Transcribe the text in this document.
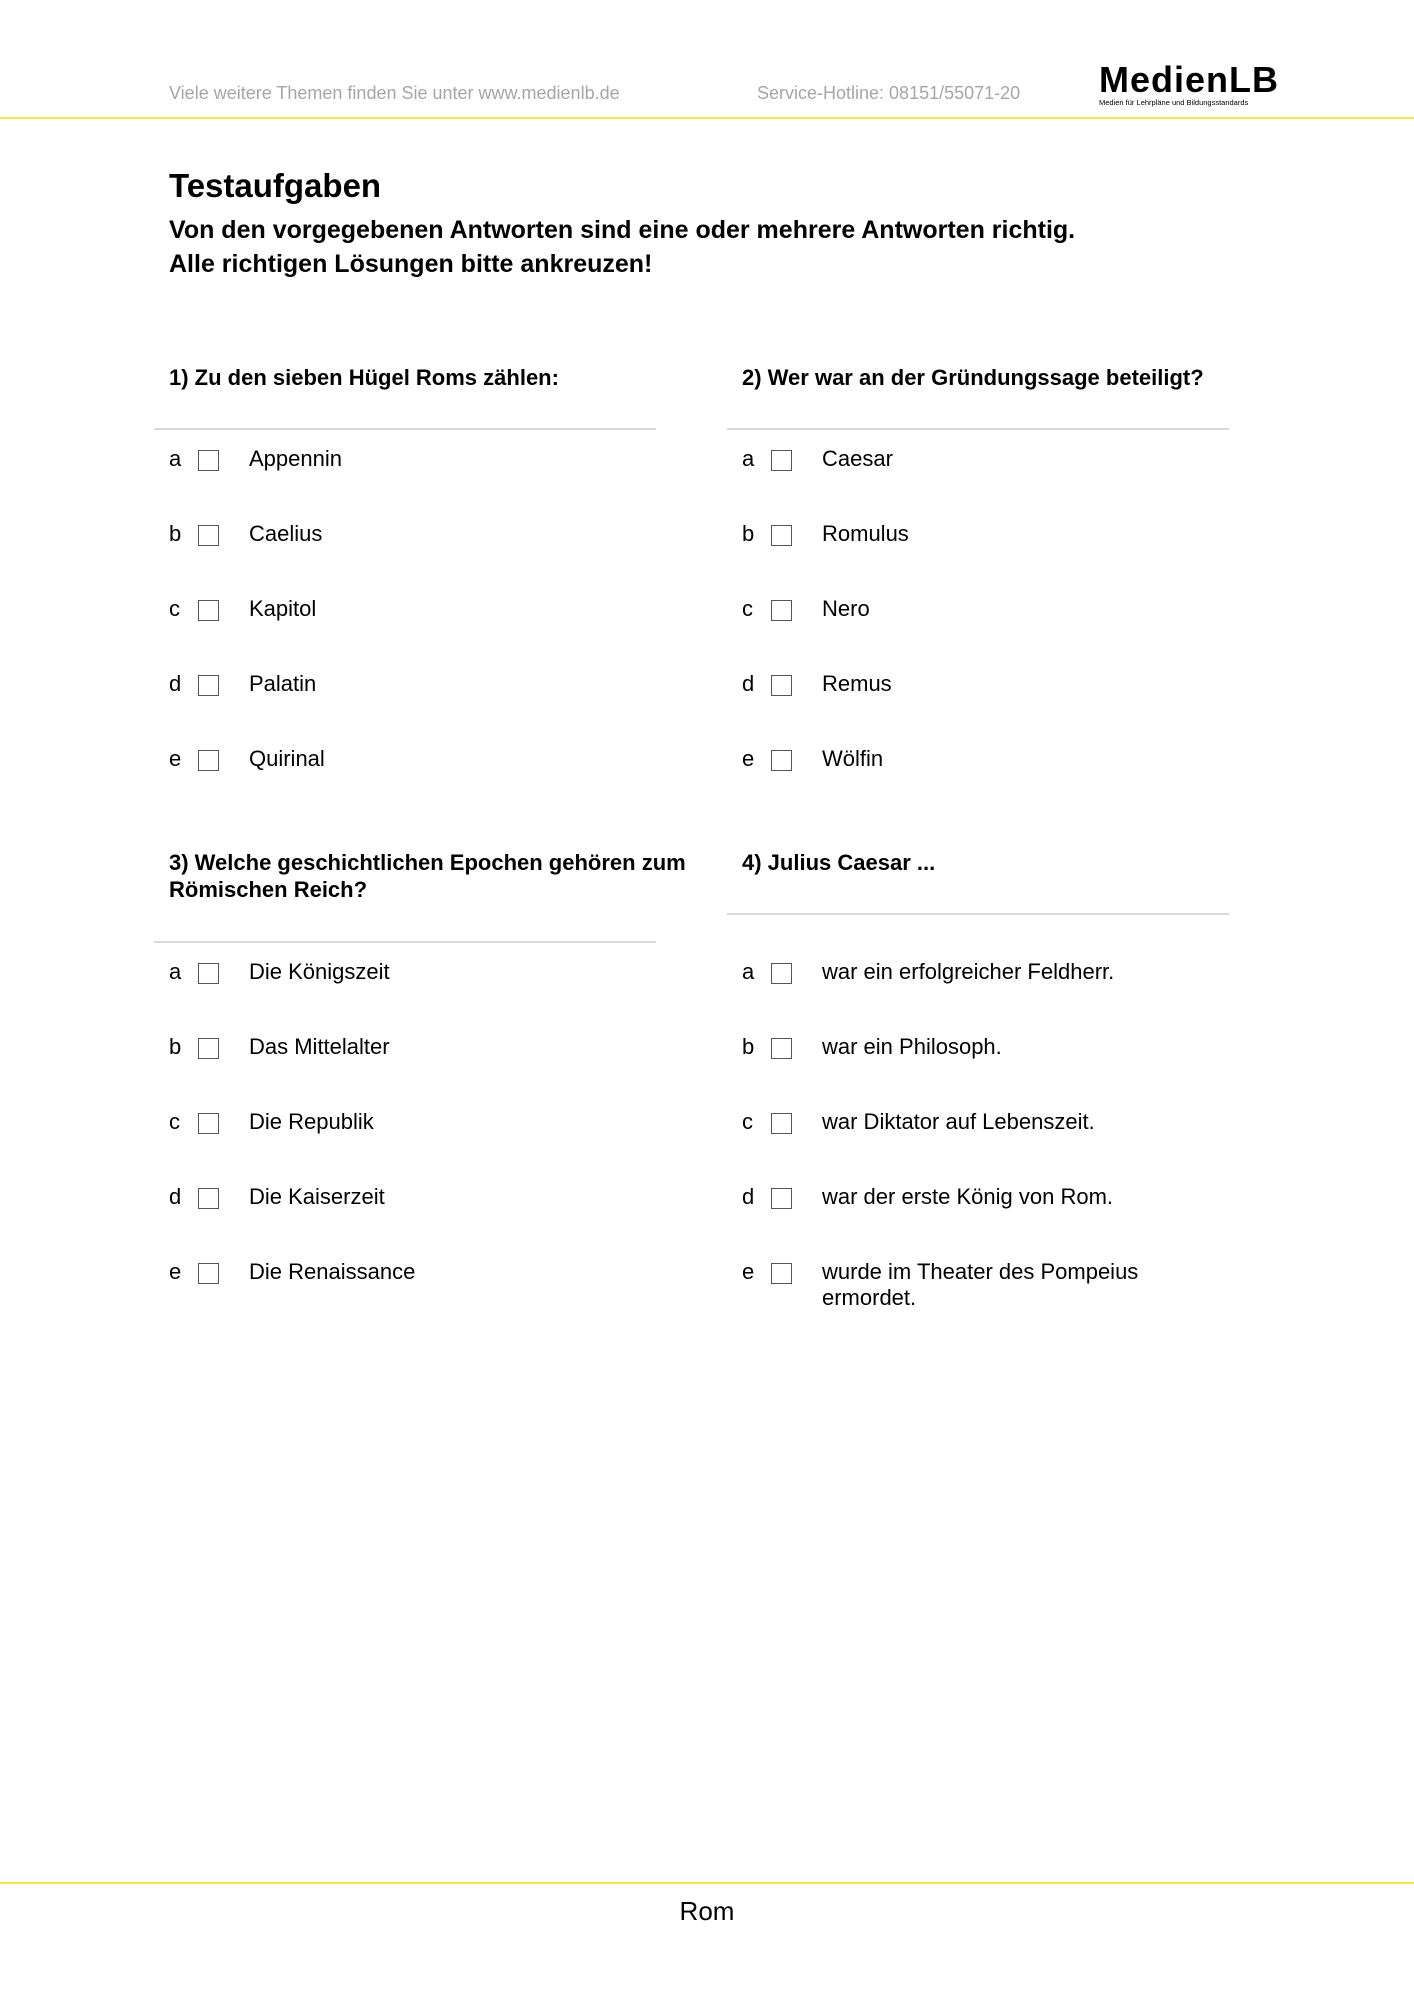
Viele weitere Themen finden Sie unter www.medienlb.de	Service-Hotline: 08151/55071-20 MedienLB
Medien für Lehrpläne und Bildungsstandards
Testaufgaben
Von den vorgegebenen Antworten sind eine oder mehrere Antworten richtig.
Alle richtigen Lösungen bitte ankreuzen!
1) Zu den sieben Hügel Roms zählen:
a	Appennin
b	Caelius
c	Kapitol
d	Palatin
e	Quirinal
2) Wer war an der Gründungssage beteiligt?
a	Caesar
b	Romulus
c	Nero
d	Remus
e	Wölfin
3) Welche geschichtlichen Epochen gehören zum Römischen Reich?
a	Die Königszeit
b	Das Mittelalter
c	Die Republik
d	Die Kaiserzeit
e	Die Renaissance
4) Julius Caesar ...
a	war ein erfolgreicher Feldherr.
b	war ein Philosoph.
c	war Diktator auf Lebenszeit.
d	war der erste König von Rom.
e	wurde im Theater des Pompeius ermordet.
Rom
